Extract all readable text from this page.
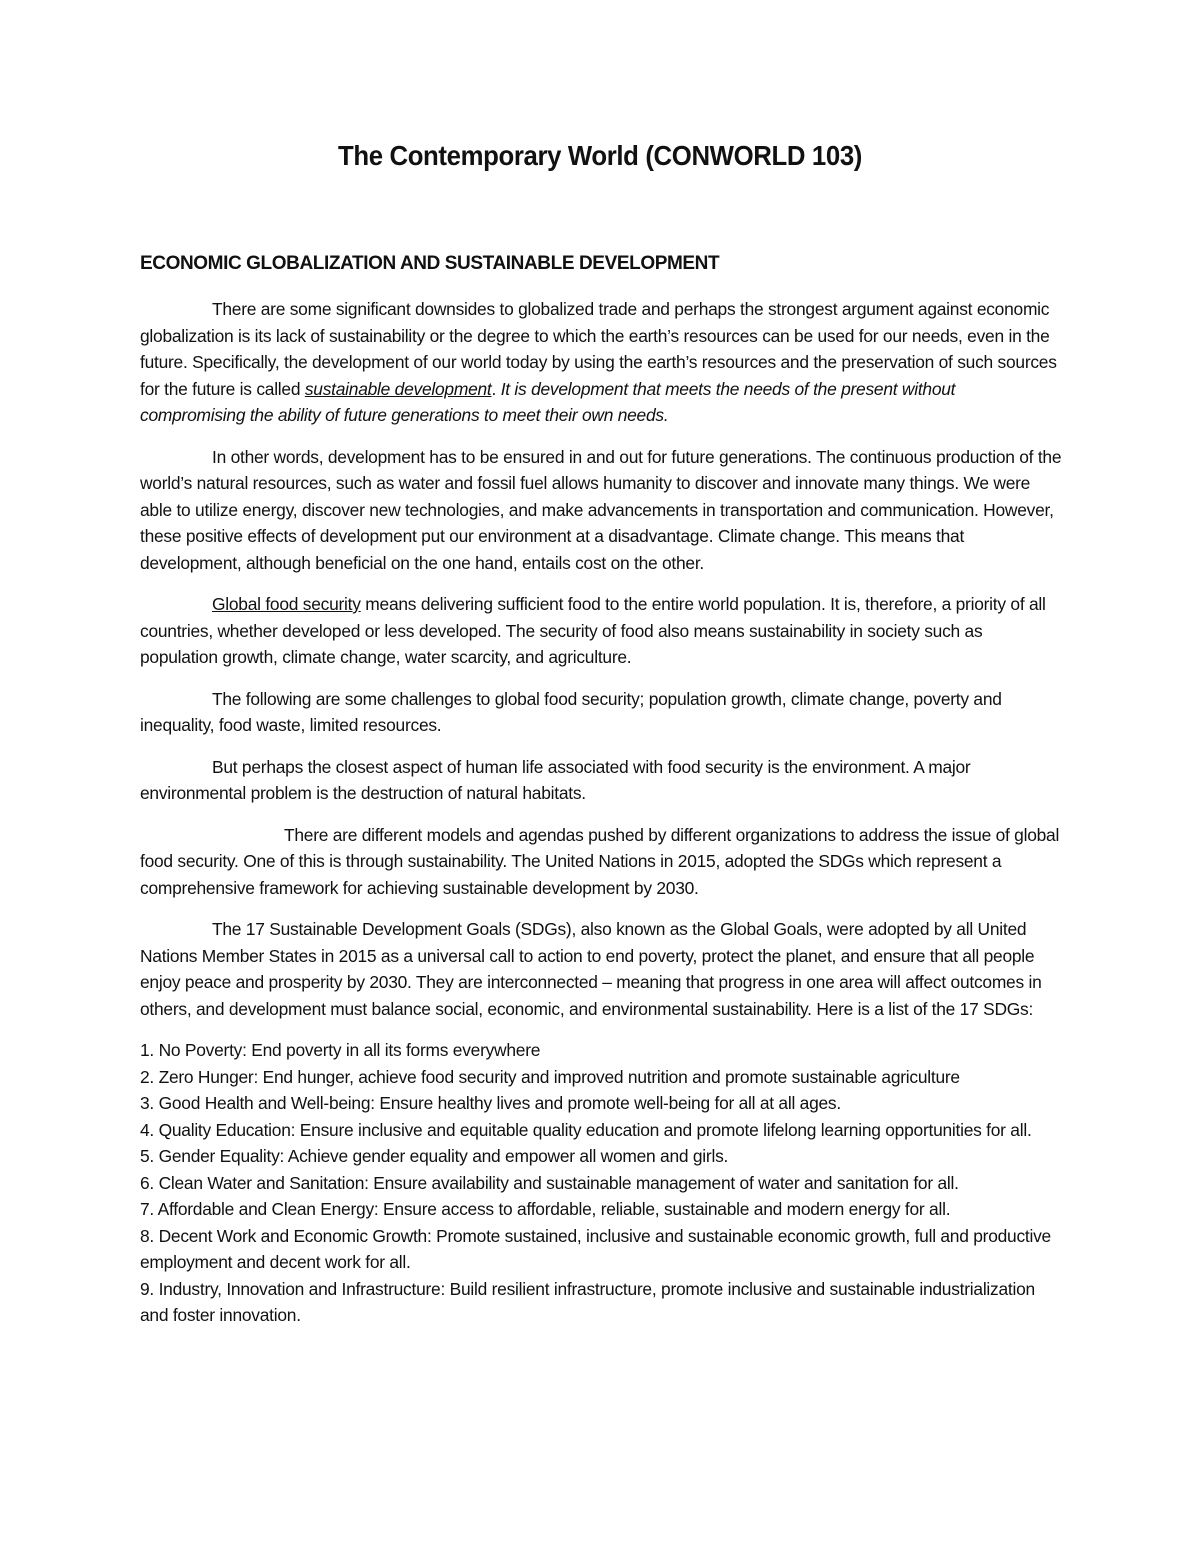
The Contemporary World (CONWORLD 103)
ECONOMIC GLOBALIZATION AND SUSTAINABLE DEVELOPMENT

There are some significant downsides to globalized trade and perhaps the strongest argument against economic globalization is its lack of sustainability or the degree to which the earth’s resources can be used for our needs, even in the future. Specifically, the development of our world today by using the earth’s resources and the preservation of such sources for the future is called sustainable development. It is development that meets the needs of the present without compromising the ability of future generations to meet their own needs.

In other words, development has to be ensured in and out for future generations. The continuous production of the world’s natural resources, such as water and fossil fuel allows humanity to discover and innovate many things. We were able to utilize energy, discover new technologies, and make advancements in transportation and communication. However, these positive effects of development put our environment at a disadvantage. Climate change. This means that development, although beneficial on the one hand, entails cost on the other.

Global food security means delivering sufficient food to the entire world population. It is, therefore, a priority of all countries, whether developed or less developed. The security of food also means sustainability in society such as population growth, climate change, water scarcity, and agriculture.

The following are some challenges to global food security; population growth, climate change, poverty and inequality, food waste, limited resources.

But perhaps the closest aspect of human life associated with food security is the environment. A major environmental problem is the destruction of natural habitats.

There are different models and agendas pushed by different organizations to address the issue of global food security. One of this is through sustainability. The United Nations in 2015, adopted the SDGs which represent a comprehensive framework for achieving sustainable development by 2030.

The 17 Sustainable Development Goals (SDGs), also known as the Global Goals, were adopted by all United Nations Member States in 2015 as a universal call to action to end poverty, protect the planet, and ensure that all people enjoy peace and prosperity by 2030. They are interconnected – meaning that progress in one area will affect outcomes in others, and development must balance social, economic, and environmental sustainability. Here is a list of the 17 SDGs:

1. No Poverty: End poverty in all its forms everywhere
2. Zero Hunger: End hunger, achieve food security and improved nutrition and promote sustainable agriculture
3. Good Health and Well-being: Ensure healthy lives and promote well-being for all at all ages.
4. Quality Education: Ensure inclusive and equitable quality education and promote lifelong learning opportunities for all.
5. Gender Equality: Achieve gender equality and empower all women and girls.
6. Clean Water and Sanitation: Ensure availability and sustainable management of water and sanitation for all.
7. Affordable and Clean Energy: Ensure access to affordable, reliable, sustainable and modern energy for all.
8. Decent Work and Economic Growth: Promote sustained, inclusive and sustainable economic growth, full and productive employment and decent work for all.
9. Industry, Innovation and Infrastructure: Build resilient infrastructure, promote inclusive and sustainable industrialization and foster innovation.
